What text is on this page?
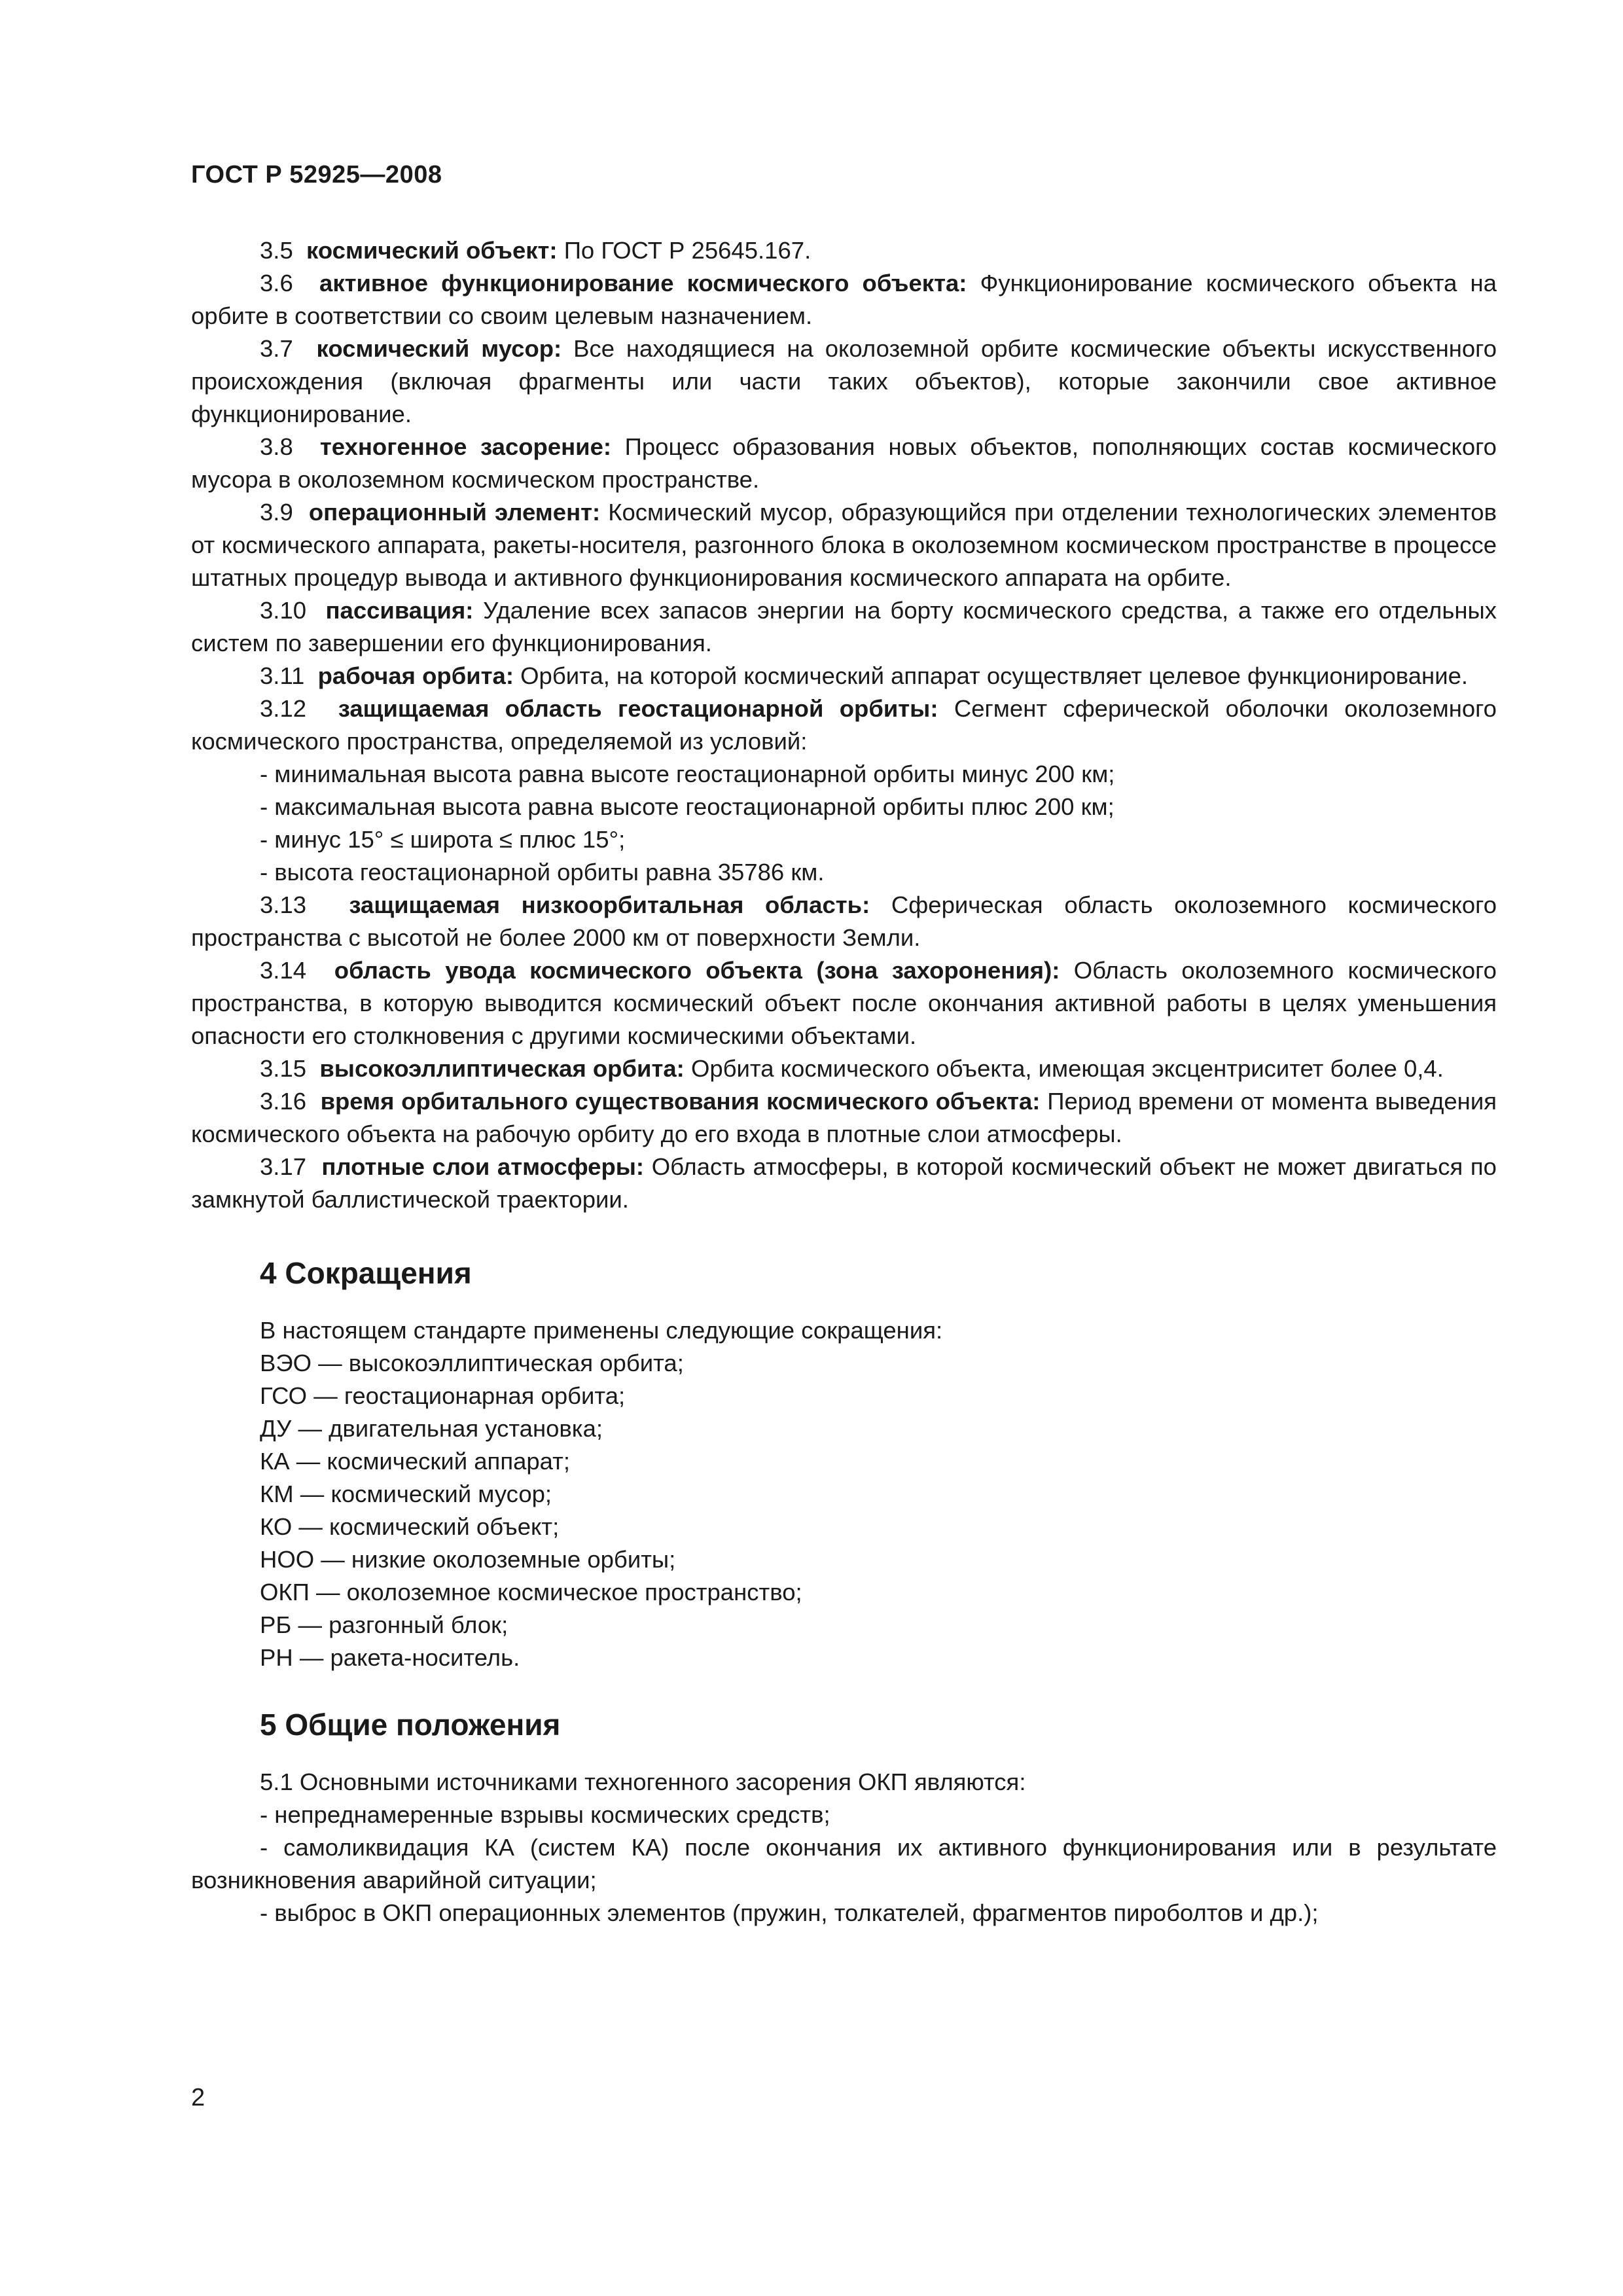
ГОСТ Р 52925—2008

3.5 космический объект: По ГОСТ Р 25645.167.

3.6 активное функционирование космического объекта: Функционирование космического объекта на орбите в соответствии со своим целевым назначением.

3.7 космический мусор: Все находящиеся на околоземной орбите космические объекты искусственного происхождения (включая фрагменты или части таких объектов), которые закончили свое активное функционирование.

3.8 техногенное засорение: Процесс образования новых объектов, пополняющих состав космического мусора в околоземном космическом пространстве.

3.9 операционный элемент: Космический мусор, образующийся при отделении технологических элементов от космического аппарата, ракеты-носителя, разгонного блока в околоземном космическом пространстве в процессе штатных процедур вывода и активного функционирования космического аппарата на орбите.

3.10 пассивация: Удаление всех запасов энергии на борту космического средства, а также его отдельных систем по завершении его функционирования.

3.11 рабочая орбита: Орбита, на которой космический аппарат осуществляет целевое функционирование.

3.12 защищаемая область геостационарной орбиты: Сегмент сферической оболочки околоземного космического пространства, определяемой из условий:

- минимальная высота равна высоте геостационарной орбиты минус 200 км;

- максимальная высота равна высоте геостационарной орбиты плюс 200 км;

- минус 15° ≤ широта ≤ плюс 15°;

- высота геостационарной орбиты равна 35786 км.

3.13 защищаемая низкоорбитальная область: Сферическая область околоземного космического пространства с высотой не более 2000 км от поверхности Земли.

3.14 область увода космического объекта (зона захоронения): Область околоземного космического пространства, в которую выводится космический объект после окончания активной работы в целях уменьшения опасности его столкновения с другими космическими объектами.

3.15 высокоэллиптическая орбита: Орбита космического объекта, имеющая эксцентриситет более 0,4.

3.16 время орбитального существования космического объекта: Период времени от момента выведения космического объекта на рабочую орбиту до его входа в плотные слои атмосферы.

3.17 плотные слои атмосферы: Область атмосферы, в которой космический объект не может двигаться по замкнутой баллистической траектории.

4 Сокращения

В настоящем стандарте применены следующие сокращения:

ВЭО — высокоэллиптическая орбита;

ГСО — геостационарная орбита;

ДУ — двигательная установка;

КА — космический аппарат;

КМ — космический мусор;

КО — космический объект;

НОО — низкие околоземные орбиты;

ОКП — околоземное космическое пространство;

РБ — разгонный блок;

РН — ракета-носитель.

5 Общие положения

5.1 Основными источниками техногенного засорения ОКП являются:

- непреднамеренные взрывы космических средств;

- самоликвидация КА (систем КА) после окончания их активного функционирования или в результате возникновения аварийной ситуации;

- выброс в ОКП операционных элементов (пружин, толкателей, фрагментов пироболтов и др.);

2
